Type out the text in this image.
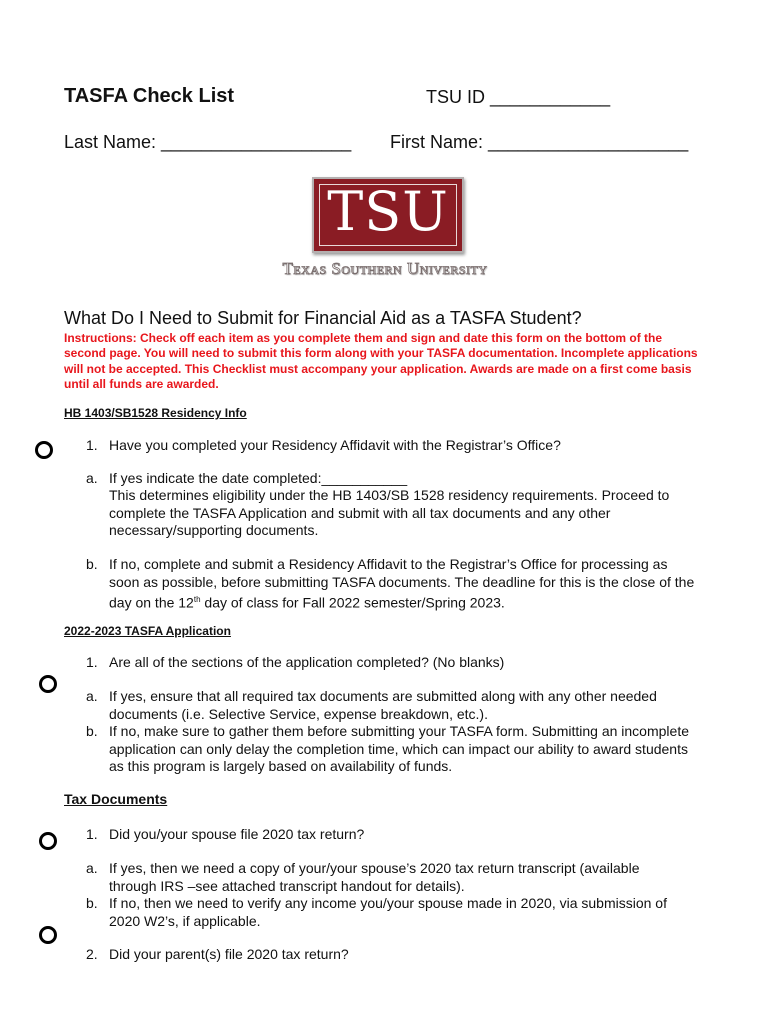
TASFA Check List	TSU ID ____________
Last Name: ___________________ First Name: ____________________
TSU
Texas Southern University
What Do I Need to Submit for Financial Aid as a TASFA Student?
Instructions: Check off each item as you complete them and sign and date this form on the bottom of the second page. You will need to submit this form along with your TASFA documentation. Incomplete applications will not be accepted. This Checklist must accompany your application. Awards are made on a first come basis until all funds are awarded.
HB 1403/SB1528 Residency Info
1. Have you completed your Residency Affidavit with the Registrar’s Office?
a. If yes indicate the date completed:___________
This determines eligibility under the HB 1403/SB 1528 residency requirements. Proceed to complete the TASFA Application and submit with all tax documents and any other necessary/supporting documents.
b. If no, complete and submit a Residency Affidavit to the Registrar’s Office for processing as soon as possible, before submitting TASFA documents. The deadline for this is the close of the day on the 12th day of class for Fall 2022 semester/Spring 2023.
2022-2023 TASFA Application
1. Are all of the sections of the application completed? (No blanks)
a. If yes, ensure that all required tax documents are submitted along with any other needed documents (i.e. Selective Service, expense breakdown, etc.).
b. If no, make sure to gather them before submitting your TASFA form. Submitting an incomplete application can only delay the completion time, which can impact our ability to award students as this program is largely based on availability of funds.
Tax Documents
1. Did you/your spouse file 2020 tax return?
a. If yes, then we need a copy of your/your spouse’s 2020 tax return transcript (available through IRS –see attached transcript handout for details).
b. If no, then we need to verify any income you/your spouse made in 2020, via submission of 2020 W2’s, if applicable.
2. Did your parent(s) file 2020 tax return?
